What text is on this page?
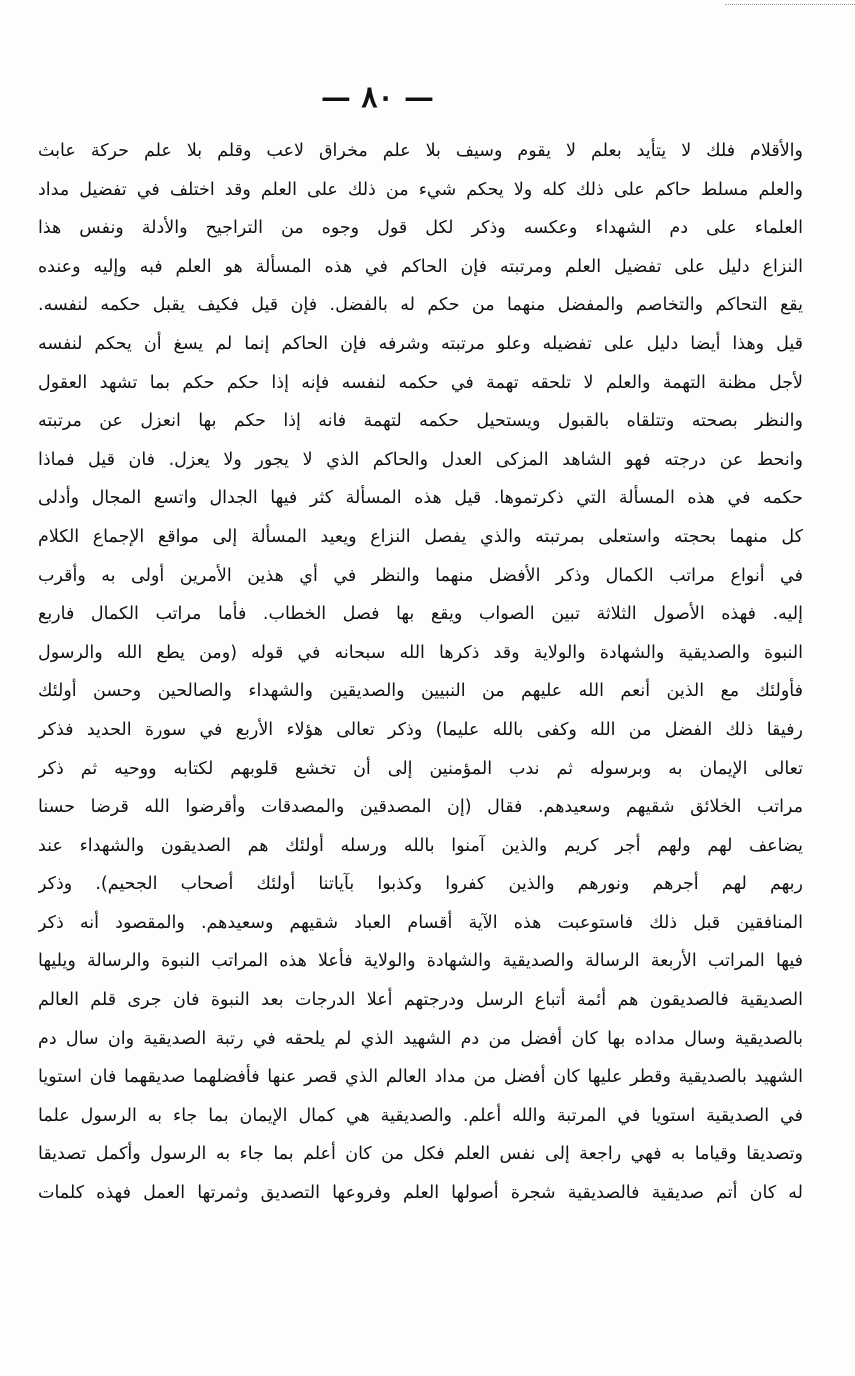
— ٨٠ —
والأقلام فلك لا يتأيد بعلم لا يقوم وسيف بلا علم مخراق لاعب وقلم بلا علم حركة عابث
والعلم مسلط حاكم على ذلك كله ولا يحكم شيء من ذلك على العلم وقد اختلف في تفضيل مداد
العلماء على دم الشهداء وعكسه وذكر لكل قول وجوه من التراجيح والأدلة ونفس هذا
النزاع دليل على تفضيل العلم ومرتبته فإن الحاكم في هذه المسألة هو العلم فبه وإليه وعنده
يقع التحاكم والتخاصم والمفضل منهما من حكم له بالفضل. فإن قيل فكيف يقبل حكمه لنفسه.
قيل وهذا أيضا دليل على تفضيله وعلو مرتبته وشرفه فإن الحاكم إنما لم يسغ أن يحكم لنفسه
لأجل مظنة التهمة والعلم لا تلحقه تهمة في حكمه لنفسه فإنه إذا حكم حكم بما تشهد العقول
والنظر بصحته وتتلقاه بالقبول ويستحيل حكمه لتهمة فانه إذا حكم بها انعزل عن مرتبته
وانحط عن درجته فهو الشاهد المزكى العدل والحاكم الذي لا يجور ولا يعزل. فان قيل فماذا
حكمه في هذه المسألة التي ذكرتموها. قيل هذه المسألة كثر فيها الجدال واتسع المجال وأدلى
كل منهما بحجته واستعلى بمرتبته والذي يفصل النزاع ويعيد المسألة إلى مواقع الإجماع الكلام
في أنواع مراتب الكمال وذكر الأفضل منهما والنظر في أي هذين الأمرين أولى به وأقرب
إليه. فهذه الأصول الثلاثة تبين الصواب ويقع بها فصل الخطاب. فأما مراتب الكمال فاربع
النبوة والصديقية والشهادة والولاية وقد ذكرها الله سبحانه في قوله (ومن يطع الله والرسول
فأولئك مع الذين أنعم الله عليهم من النبيين والصديقين والشهداء والصالحين وحسن أولئك
رفيقا ذلك الفضل من الله وكفى بالله عليما) وذكر تعالى هؤلاء الأربع في سورة الحديد فذكر
تعالى الإيمان به وبرسوله ثم ندب المؤمنين إلى أن تخشع قلوبهم لكتابه ووحيه ثم ذكر
مراتب الخلائق شقيهم وسعيدهم. فقال (إن المصدقين والمصدقات وأقرضوا الله قرضا حسنا
يضاعف لهم ولهم أجر كريم والذين آمنوا بالله ورسله أولئك هم الصديقون والشهداء عند
ربهم لهم أجرهم ونورهم والذين كفروا وكذبوا بآياتنا أولئك أصحاب الجحيم). وذكر
المنافقين قبل ذلك فاستوعبت هذه الآية أقسام العباد شقيهم وسعيدهم. والمقصود أنه ذكر
فيها المراتب الأربعة الرسالة والصديقية والشهادة والولاية فأعلا هذه المراتب النبوة والرسالة ويليها
الصديقية فالصديقون هم أئمة أتباع الرسل ودرجتهم أعلا الدرجات بعد النبوة فان جرى قلم العالم
بالصديقية وسال مداده بها كان أفضل من دم الشهيد الذي لم يلحقه في رتبة الصديقية وان سال دم
الشهيد بالصديقية وقطر عليها كان أفضل من مداد العالم الذي قصر عنها فأفضلهما صديقهما فان استويا
في الصديقية استويا في المرتبة والله أعلم. والصديقية هي كمال الإيمان بما جاء به الرسول علما
وتصديقا وقياما به فهي راجعة إلى نفس العلم فكل من كان أعلم بما جاء به الرسول وأكمل تصديقا
له كان أتم صديقية فالصديقية شجرة أصولها العلم وفروعها التصديق وثمرتها العمل فهذه كلمات
